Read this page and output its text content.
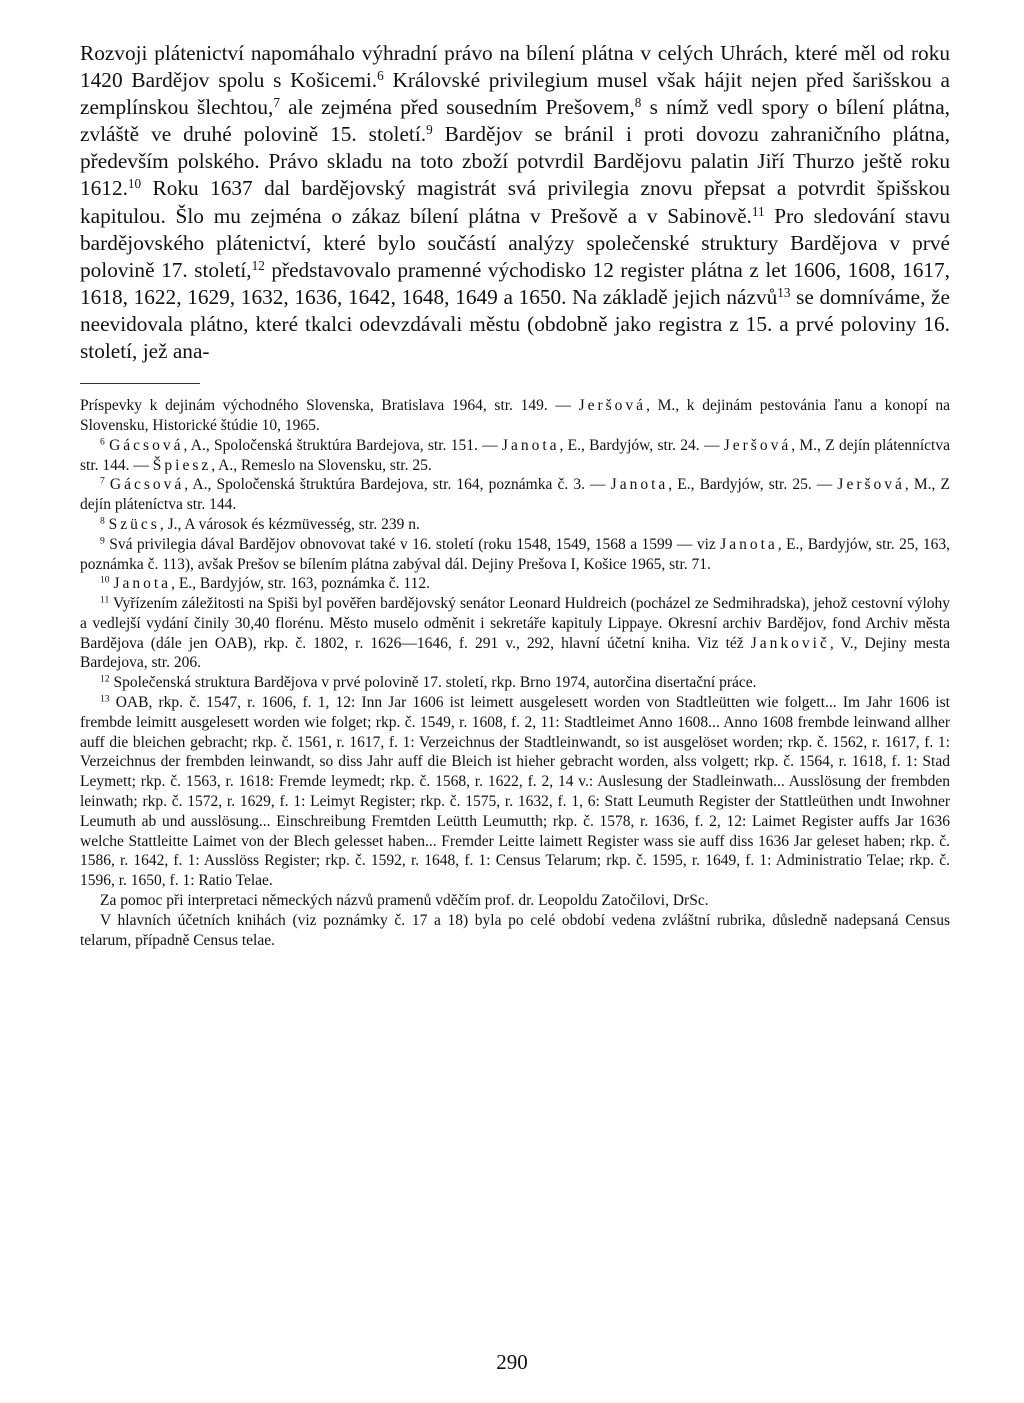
Rozvoji plátenictví napomáhalo výhradní právo na bílení plátna v celých Uhrách, které měl od roku 1420 Bardějov spolu s Košicemi.$^6$ Královské privilegium musel však hájit nejen před šarišskou a zemplínskou šlechtou,$^7$ ale zejména před sousedním Prešovem,$^8$ s nímž vedl spory o bílení plátna, zvláště ve druhé polovině 15. století.$^9$ Bardějov se bránil i proti dovozu zahraničního plátna, především polského. Právo skladu na toto zboží potvrdil Bardějovu palatin Jiří Thurzo ještě roku 1612.10 Roku 1637 dal bardějovský magistrát svá privilegia znovu přepsat a potvrdit špišskou kapitulou. Šlo mu zejména o zákaz bílení plátna v Prešově a v Sabinově.$^{11}$ Pro sledování stavu bardějovského plátenictví, které bylo součástí analýzy společenské struktury Bardějova v prvé polovině 17. století,$^{12}$ představovalo pramenné východisko 12 register plátna z let 1606, 1608, 1617, 1618, 1622, 1629, 1632, 1636, 1642, 1648, 1649 a 1650. Na základě jejich názvů$^{13}$ se domníváme, že neevidovala plátno, které tkalci odevzdávali městu (obdobně jako registra z 15. a prvé poloviny 16. století, jež ana-

Príspevky k dejinám východného Slovenska, Bratislava 1964, str. 149. — Jeršová, M., k dejinám pestovánia ľanu a konopí na Slovensku, Historické štúdie 10, 1965.

$^6$ Gácsová, A., Spoločenská štruktúra Bardejova, str. 151. — Janota, E., Bardyjów, str. 24. — Jeršová, M., Z dejín plátenníctva str. 144. — Špiesz, A., Remeslo na Slovensku, str. 25.

$^7$ Gácsová, A., Spoločenská štruktúra Bardejova, str. 164, poznámka č. 3. — Janota, E., Bardyjów, str. 25. — Jeršová, M., Z dejín pláteníctva str. 144.

$^8$ Szücs, J., A városok és kézmüvesség, str. 239 n.

$^9$ Svá privilegia dával Bardějov obnovovat také v 16. století (roku 1548, 1549, 1568 a 1599 — viz Janota, E., Bardyjów, str. 25, 163, poznámka č. 113), avšak Prešov se bílením plátna zabýval dál. Dejiny Prešova I, Košice 1965, str. 71.

$^{10}$ Janota, E., Bardyjów, str. 163, poznámka č. 112.

$^{11}$ Vyřízením záležitosti na Spiši byl pověřen bardějovský senátor Leonard Huldreich (pocházel ze Sedmihradska), jehož cestovní výlohy a vedlejší vydání činily 30,40 florénu. Město muselo odměnit i sekretáře kapituly Lippaye. Okresní archiv Bardějov, fond Archiv města Bardějova (dále jen OAB), rkp. č. 1802, r. 1626—1646, f. 291 v., 292, hlavní účetní kniha. Viz též Jankovič, V., Dejiny mesta Bardejova, str. 206.

$^{12}$ Společenská struktura Bardějova v prvé polovině 17. století, rkp. Brno 1974, autorčina disertační práce.

$^{13}$ OAB, rkp. č. 1547, r. 1606, f. 1, 12: Inn Jar 1606 ist leimett ausgelesett worden von Stadtleütten wie folgett... Im Jahr 1606 ist frembde leimitt ausgelesett worden wie folget; rkp. č. 1549, r. 1608, f. 2, 11: Stadtleimet Anno 1608... Anno 1608 frembde leinwand allher auff die bleichen gebracht; rkp. č. 1561, r. 1617, f. 1: Verzeichnus der Stadtleinwandt, so ist ausgelöset worden; rkp. č. 1562, r. 1617, f. 1: Verzeichnus der frembden leinwandt, so diss Jahr auff die Bleich ist hieher gebracht worden, alss volgett; rkp. č. 1564, r. 1618, f. 1: Stad Leymett; rkp. č. 1563, r. 1618: Fremde leymedt; rkp. č. 1568, r. 1622, f. 2, 14 v.: Auslesung der Stadleinwath... Ausslösung der frembden leinwath; rkp. č. 1572, r. 1629, f. 1: Leimyt Register; rkp. č. 1575, r. 1632, f. 1, 6: Statt Leumuth Register der Stattleüthen undt Inwohner Leumuth ab und ausslösung... Einschreibung Fremtden Leütth Leumutth; rkp. č. 1578, r. 1636, f. 2, 12: Laimet Register auffs Jar 1636 welche Stattleitte Laimet von der Blech gelesset haben... Fremder Leitte laimett Register wass sie auff diss 1636 Jar geleset haben; rkp. č. 1586, r. 1642, f. 1: Ausslöss Register; rkp. č. 1592, r. 1648, f. 1: Census Telarum; rkp. č. 1595, r. 1649, f. 1: Administratio Telae; rkp. č. 1596, r. 1650, f. 1: Ratio Telae.

Za pomoc při interpretaci německých názvů pramenů vděčím prof. dr. Leopoldu Zatočilovi, DrSc.

V hlavních účetních knihách (viz poznámky č. 17 a 18) byla po celé období vedena zvláštní rubrika, důsledně nadepsaná Census telarum, případně Census telae.

290
